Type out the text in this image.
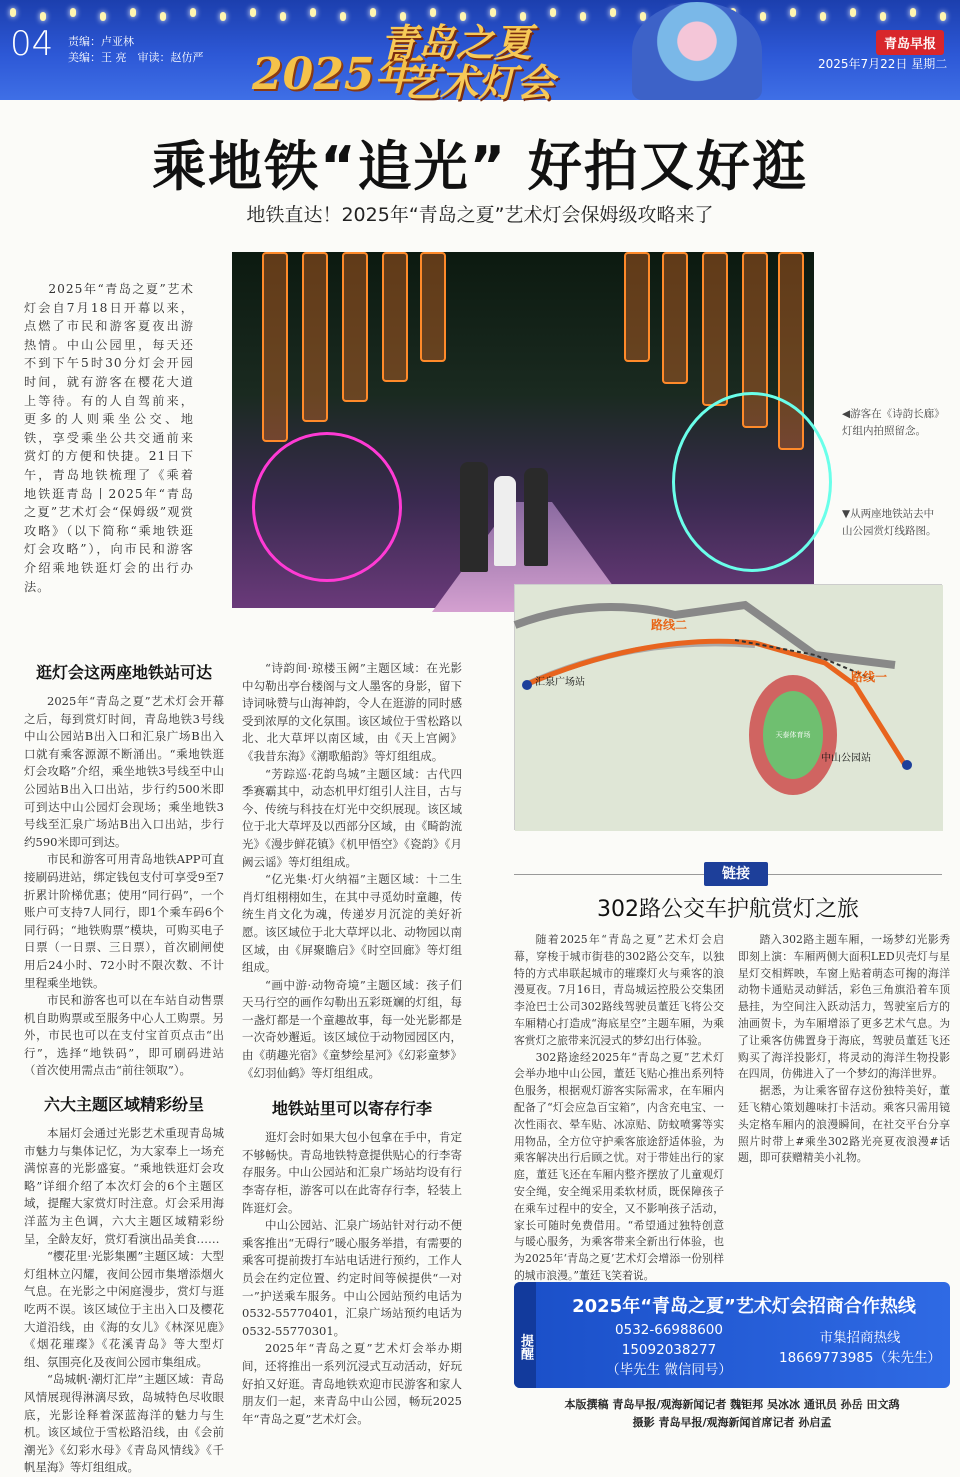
04 责编：卢亚林
美编：王 亮　 审读：赵仿严 2025年
青岛之夏
艺术灯会
青岛早报
2025年7月22日 星期二
乘地铁“追光” 好拍又好逛
地铁直达！2025年“青岛之夏”艺术灯会保姆级攻略来了

2025年“青岛之夏”艺术灯会自7月18日开幕以来，点燃了市民和游客夏夜出游热情。中山公园里，每天还不到下午5时30分灯会开园时间，就有游客在樱花大道上等待。有的人自驾前来，更多的人则乘坐公交、地铁，享受乘坐公共交通前来赏灯的方便和快捷。21日下午，青岛地铁梳理了《乘着地铁逛青岛丨2025年“青岛之夏”艺术灯会“保姆级”观赏攻略》（以下简称“乘地铁逛灯会攻略”），向市民和游客介绍乘地铁逛灯会的出行办法。

◀游客在《诗韵长廊》灯组内拍照留念。
▼从两座地铁站去中山公园赏灯线路图。
逛灯会这两座地铁站可达

2025年“青岛之夏”艺术灯会开幕之后，每到赏灯时间，青岛地铁3号线中山公园站B出入口和汇泉广场B出入口就有乘客源源不断涌出。“乘地铁逛灯会攻略”介绍，乘坐地铁3号线至中山公园站B出入口出站，步行约500米即可到达中山公园灯会现场；乘坐地铁3号线至汇泉广场站B出入口出站，步行约590米即可到达。

市民和游客可用青岛地铁APP可直接刷码进站，绑定钱包支付可享受9至7折累计阶梯优惠；使用“同行码”，一个账户可支持7人同行，即1个乘车码6个同行码；“地铁购票”模块，可购买电子日票（一日票、三日票），首次刷闸使用后24小时、72小时不限次数、不计里程乘坐地铁。

市民和游客也可以在车站自动售票机自助购票或至服务中心人工购票。另外，市民也可以在支付宝首页点击“出行”，选择“地铁码”，即可刷码进站（首次使用需点击“前往领取”）。

六大主题区域精彩纷呈

本届灯会通过光影艺术重现青岛城市魅力与集体记忆，为大家奉上一场充满惊喜的光影盛宴。“乘地铁逛灯会攻略”详细介绍了本次灯会的6个主题区域，提醒大家赏灯时注意。灯会采用海洋蓝为主色调，六大主题区域精彩纷呈，全龄友好，赏灯看演出品美食……

“樱花里·光影集團”主题区域：大型灯组林立闪耀，夜间公园市集增添烟火气息。在光影之中闲庭漫步，赏灯与逛吃两不误。该区域位于主出入口及樱花大道沿线，由《海的女儿》《林深见鹿》《烟花璀璨》《花溪青岛》等大型灯组、氛围亮化及夜间公园市集组成。

“岛城帆·潮灯汇岸”主题区域：青岛风情展现得淋漓尽致，岛城特色尽收眼底，光影诠释着深蓝海洋的魅力与生机。该区域位于雪松路沿线，由《会前潮光》《幻彩水母》《青岛风情线》《千帆星海》等灯组组成。

“诗韵间·琼楼玉阙”主题区域：在光影中勾勒出亭台楼阁与文人墨客的身影，留下诗词咏赞与山海神韵，令人在逛游的同时感受到浓厚的文化氛围。该区域位于雪松路以北、北大草坪以南区域，由《天上宫阙》《我昔东海》《潮歌船韵》等灯组组成。

“芳踪巡·花韵鸟城”主题区域：古代四季赛霸其中，动态机甲灯组引人注目，古与今、传统与科技在灯光中交织展现。该区域位于北大草坪及以西部分区域，由《畸韵流光》《漫步鲜花镇》《机甲悟空》《瓷韵》《月阙云谣》等灯组组成。

“亿光集·灯火纳福”主题区域：十二生肖灯组栩栩如生，在其中寻觅幼时童趣，传统生肖文化为魂，传递岁月沉淀的美好祈愿。该区域位于北大草坪以北、动物园以南区域，由《屏聚瞻启》《时空回廊》等灯组组成。

“画中游·动物奇境”主题区域：孩子们天马行空的画作勾勒出五彩斑斓的灯组，每一盏灯都是一个童趣故事，每一处光影都是一次奇妙邂逅。该区域位于动物园园区内，由《萌趣光宿》《童梦绘星河》《幻彩童梦》《幻羽仙鹤》等灯组组成。

地铁站里可以寄存行李

逛灯会时如果大包小包拿在手中，肯定不够畅快。青岛地铁特意提供贴心的行李寄存服务。中山公园站和汇泉广场站均设有行李寄存柜，游客可以在此寄存行李，轻装上阵逛灯会。

中山公园站、汇泉广场站针对行动不便乘客推出“无碍行”暖心服务举措，有需要的乘客可提前拨打车站电话进行预约，工作人员会在约定位置、约定时间等候提供“一对一”护送乘车服务。中山公园站预约电话为0532-55770401，汇泉广场站预约电话为0532-55770301。

2025年“青岛之夏”艺术灯会举办期间，还将推出一系列沉浸式互动活动，好玩好拍又好逛。青岛地铁欢迎市民游客和家人朋友们一起，来青岛中山公园，畅玩2025年“青岛之夏”艺术灯会。

汇泉广场站
中山公园站
路线二
路线一
天泰体育场
链接
302路公交车护航赏灯之旅

随着2025年“青岛之夏”艺术灯会启幕，穿梭于城市街巷的302路公交车，以独特的方式串联起城市的璀璨灯火与乘客的浪漫夏夜。7月16日，青岛城运控股公交集团李沧巴士公司302路线驾驶员董廷飞将公交车厢精心打造成“海底星空”主题车厢，为乘客赏灯之旅带来沉浸式的梦幻出行体验。

302路途经2025年“青岛之夏”艺术灯会举办地中山公园，董廷飞贴心推出系列特色服务，根据观灯游客实际需求，在车厢内配备了“灯会应急百宝箱”，内含充电宝、一次性雨衣、晕车贴、冰凉贴、防蚊喷雾等实用物品，全方位守护乘客旅途舒适体验，为乘客解决出行后顾之忧。对于带娃出行的家庭，董廷飞还在车厢内整齐摆放了儿童观灯安全绳，安全绳采用柔软材质，既保障孩子在乘车过程中的安全，又不影响孩子活动，家长可随时免费借用。“希望通过独特创意与暖心服务，为乘客带来全新出行体验，也为2025年‘青岛之夏’艺术灯会增添一份别样的城市浪漫。”董廷飞笑着说。

踏入302路主题车厢，一场梦幻光影秀即刻上演：车厢两侧大面积LED贝壳灯与星星灯交相辉映，车窗上贴着萌态可掬的海洋动物卡通贴灵动鲜活，彩色三角旗沿着车顶悬挂，为空间注入跃动活力，驾驶室后方的油画贺卡，为车厢增添了更多艺术气息。为了让乘客仿佛置身于海底，驾驶员董廷飞还购买了海洋投影灯，将灵动的海洋生物投影在四周，仿佛进入了一个梦幻的海洋世界。

据悉，为让乘客留存这份独特美好，董廷飞精心策划趣味打卡活动。乘客只需用镜头定格车厢内的浪漫瞬间，在社交平台分享照片时带上#乘坐302路光亮夏夜浪漫#话题，即可获赠精美小礼物。

提醒
2025年“青岛之夏”艺术灯会招商合作热线
0532-66988600
15092038277
（毕先生 微信同号）
市集招商热线
18669773985（朱先生）
本版撰稿 青岛早报/观海新闻记者 魏钜邦 吴冰冰 通讯员 孙岳 田文鸹
摄影 青岛早报/观海新闻首席记者 孙启孟
